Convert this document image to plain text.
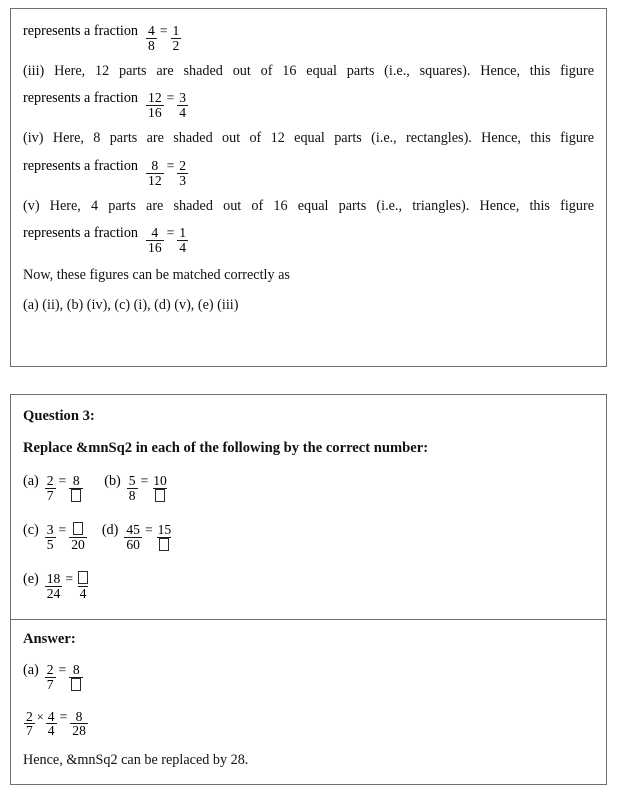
represents a fraction $\frac{4}{8} = \frac{1}{2}$

(iii) Here, 12 parts are shaded out of 16 equal parts (i.e., squares). Hence, this figure

represents a fraction $\frac{12}{16} = \frac{3}{4}$

(iv) Here, 8 parts are shaded out of 12 equal parts (i.e., rectangles). Hence, this figure

represents a fraction $\frac{8}{12} = \frac{2}{3}$

(v) Here, 4 parts are shaded out of 16 equal parts (i.e., triangles). Hence, this figure

represents a fraction $\frac{4}{16} = \frac{1}{4}$

Now, these figures can be matched correctly as

(a) (ii), (b) (iv), (c) (i), (d) (v), (e) (iii)

Question 3:

Replace &mnSq2 in each of the following by the correct number:

$(a) \frac{2}{7} = 8$ $(b) \frac{5}{8} = 10$
$(c) \frac{3}{5}$ =
20
$(d) \frac{45}{60} = 15$
$(e) \frac{18}{24}$ =
4

Answer:

$(a) \frac{2}{7} = 8$
$\frac{2}{7} \times \frac{4}{4} = \frac{8}{28}$

Hence, &mnSq2 can be replaced by 28.
